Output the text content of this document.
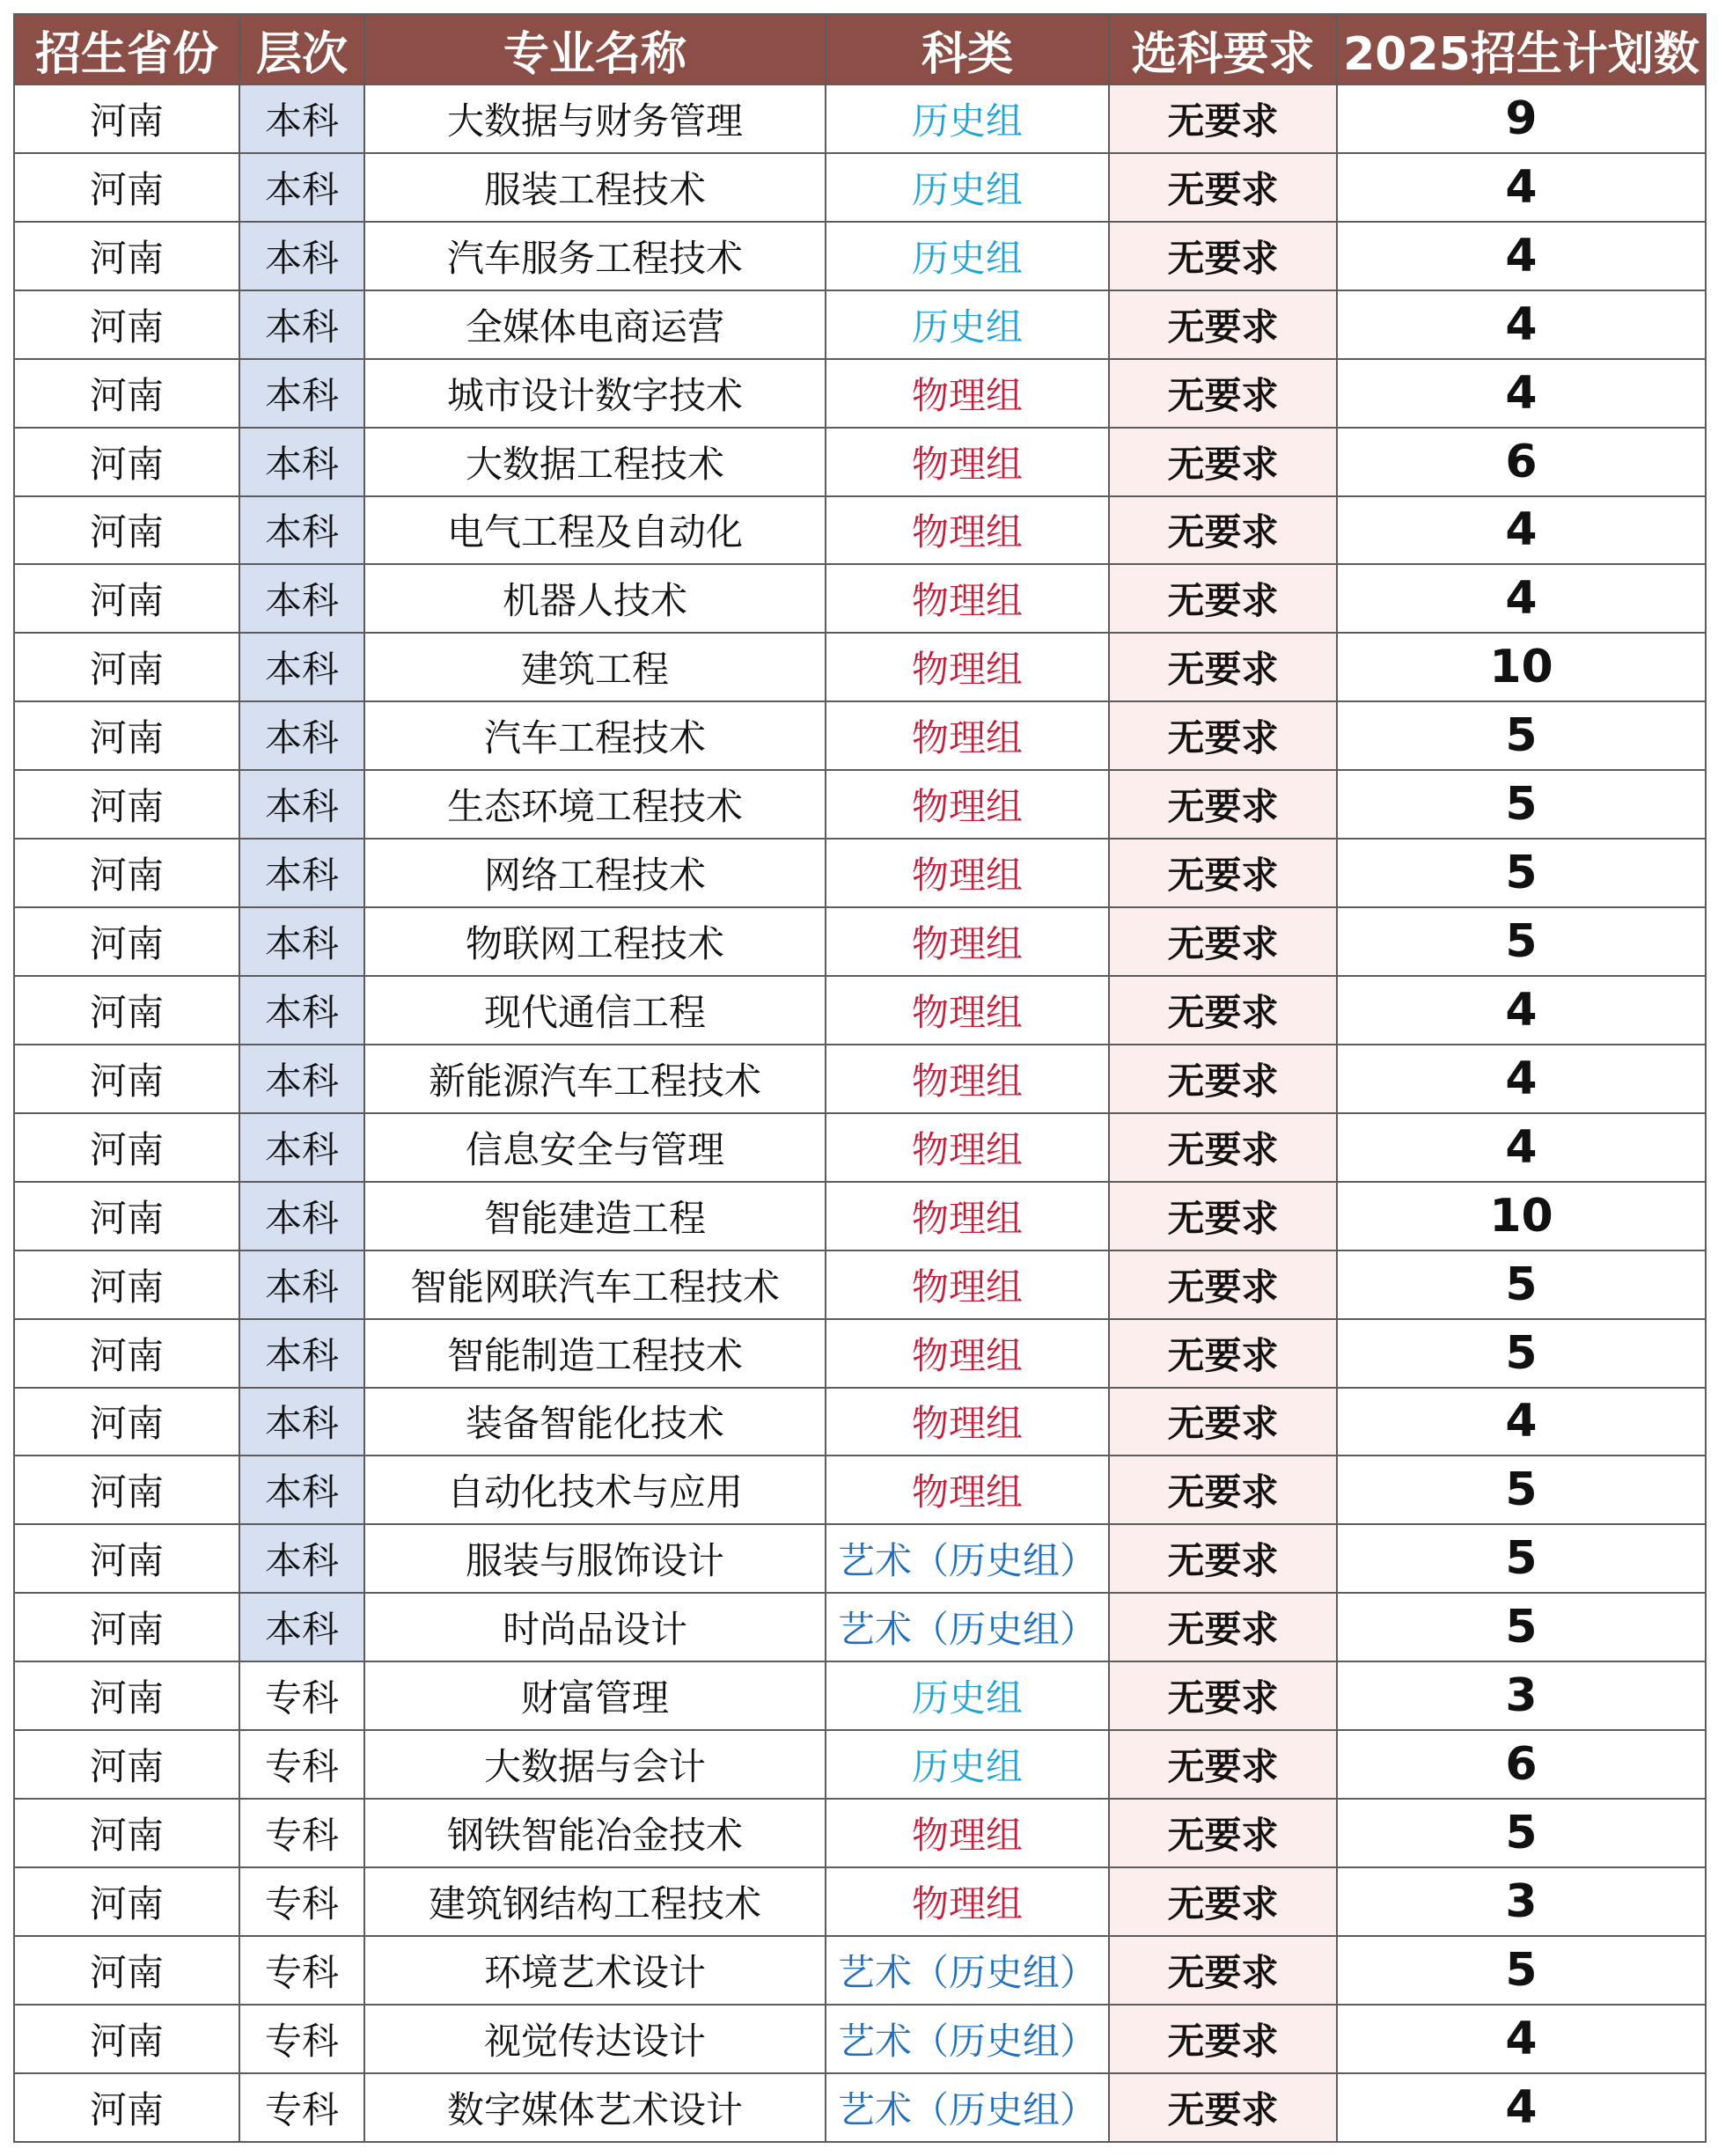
招生省份	层次	专业名称	科类	选科要求	2025招生计划数
河南	本科	大数据与财务管理	历史组	无要求	9
河南	本科	服装工程技术	历史组	无要求	4
河南	本科	汽车服务工程技术	历史组	无要求	4
河南	本科	全媒体电商运营	历史组	无要求	4
河南	本科	城市设计数字技术	物理组	无要求	4
河南	本科	大数据工程技术	物理组	无要求	6
河南	本科	电气工程及自动化	物理组	无要求	4
河南	本科	机器人技术	物理组	无要求	4
河南	本科	建筑工程	物理组	无要求	10
河南	本科	汽车工程技术	物理组	无要求	5
河南	本科	生态环境工程技术	物理组	无要求	5
河南	本科	网络工程技术	物理组	无要求	5
河南	本科	物联网工程技术	物理组	无要求	5
河南	本科	现代通信工程	物理组	无要求	4
河南	本科	新能源汽车工程技术	物理组	无要求	4
河南	本科	信息安全与管理	物理组	无要求	4
河南	本科	智能建造工程	物理组	无要求	10
河南	本科	智能网联汽车工程技术	物理组	无要求	5
河南	本科	智能制造工程技术	物理组	无要求	5
河南	本科	装备智能化技术	物理组	无要求	4
河南	本科	自动化技术与应用	物理组	无要求	5
河南	本科	服装与服饰设计	艺术（历史组）	无要求	5
河南	本科	时尚品设计	艺术（历史组）	无要求	5
河南	专科	财富管理	历史组	无要求	3
河南	专科	大数据与会计	历史组	无要求	6
河南	专科	钢铁智能冶金技术	物理组	无要求	5
河南	专科	建筑钢结构工程技术	物理组	无要求	3
河南	专科	环境艺术设计	艺术（历史组）	无要求	5
河南	专科	视觉传达设计	艺术（历史组）	无要求	4
河南	专科	数字媒体艺术设计	艺术（历史组）	无要求	4
